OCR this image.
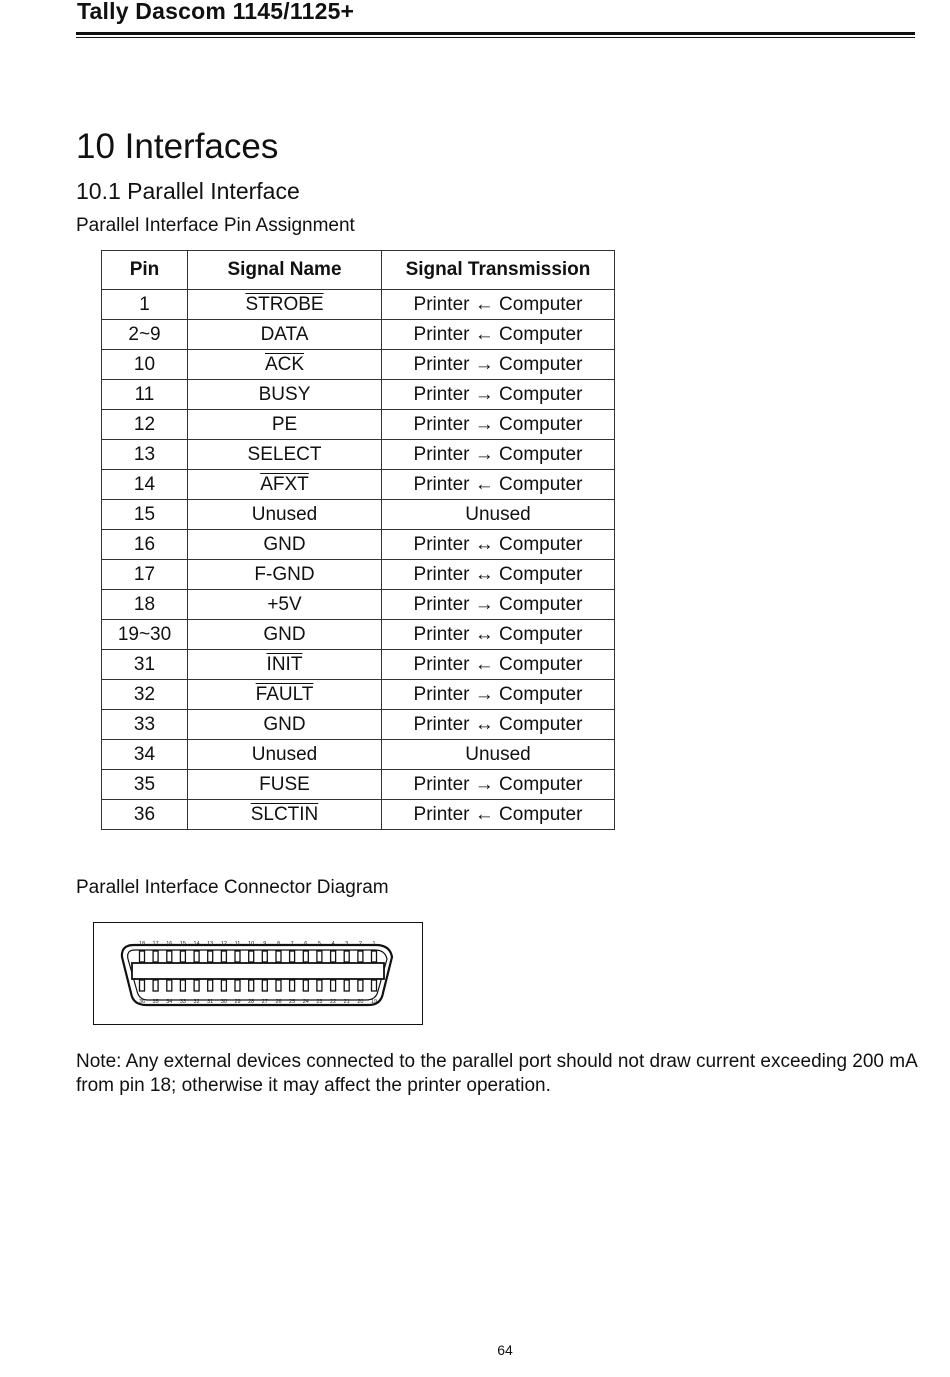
Tally Dascom 1145/1125+
10 Interfaces
10.1 Parallel Interface
Parallel Interface Pin Assignment
Pin	Signal Name	Signal Transmission
1	STROBE	Printer ← Computer
2~9	DATA	Printer ← Computer
10	$\overline{ACK}$	Printer → Computer
11	BUSY	Printer → Computer
12	PE	Printer → Computer
13	SELECT	Printer → Computer
14	AFXT	Printer ← Computer
15	Unused	Unused
16	GND	Printer ↔ Computer
17	F-GND	Printer ↔ Computer
18	+5V	Printer → Computer
19~30	GND	Printer ↔ Computer
31	INIT	Printer ← Computer
32	FAULT	Printer → Computer
33	GND	Printer ↔ Computer
34	Unused	Unused
35	FUSE	Printer → Computer
36	SLCTIN	Printer ← Computer
Parallel Interface Connector Diagram
18 17 16 15 14 13 12 11 10 9 8 7 6 5 4 3 2 1
36 35 34 33 32 31 30 29 28 27 26 25 24 23 22 21 20 19

Note: Any external devices connected to the parallel port should not draw current exceeding 200 mA from pin 18; otherwise it may affect the printer operation.

64
